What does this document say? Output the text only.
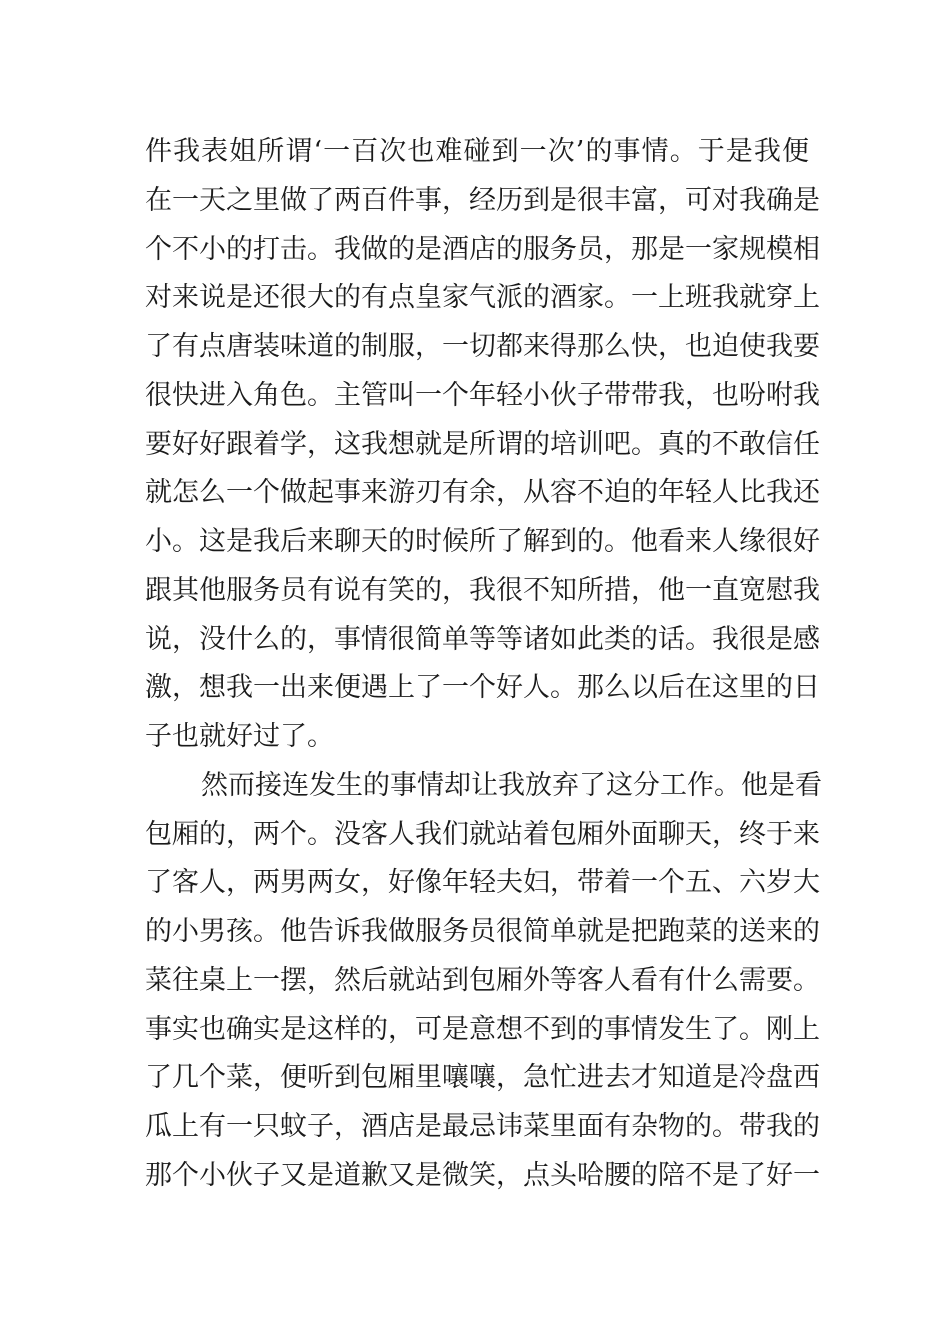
件我表姐所谓‘一百次也难碰到一次’的事情。于是我便
在一天之里做了两百件事，经历到是很丰富，可对我确是
个不小的打击。我做的是酒店的服务员，那是一家规模相
对来说是还很大的有点皇家气派的酒家。一上班我就穿上
了有点唐装味道的制服，一切都来得那么快，也迫使我要
很快进入角色。主管叫一个年轻小伙子带带我，也吩咐我
要好好跟着学，这我想就是所谓的培训吧。真的不敢信任
就怎么一个做起事来游刃有余，从容不迫的年轻人比我还
小。这是我后来聊天的时候所了解到的。他看来人缘很好
跟其他服务员有说有笑的，我很不知所措，他一直宽慰我
说，没什么的，事情很简单等等诸如此类的话。我很是感
激，想我一出来便遇上了一个好人。那么以后在这里的日
子也就好过了。
然而接连发生的事情却让我放弃了这分工作。他是看
包厢的，两个。没客人我们就站着包厢外面聊天，终于来
了客人，两男两女，好像年轻夫妇，带着一个五、六岁大
的小男孩。他告诉我做服务员很简单就是把跑菜的送来的
菜往桌上一摆，然后就站到包厢外等客人看有什么需要。
事实也确实是这样的，可是意想不到的事情发生了。刚上
了几个菜，便听到包厢里嚷嚷，急忙进去才知道是冷盘西
瓜上有一只蚊子，酒店是最忌讳菜里面有杂物的。带我的
那个小伙子又是道歉又是微笑，点头哈腰的陪不是了好一
